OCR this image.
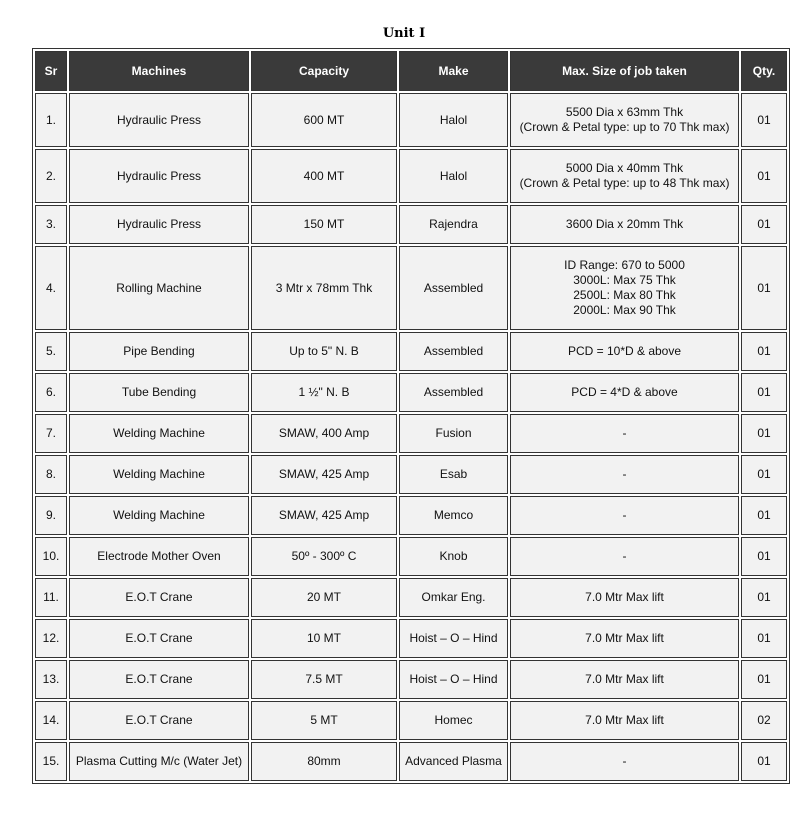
Unit I
Sr	Machines	Capacity	Make	Max. Size of job taken	Qty.
1.	Hydraulic Press	600 MT	Halol	5500 Dia x 63mm Thk
(Crown & Petal type: up to 70 Thk max)	01
2.	Hydraulic Press	400 MT	Halol	5000 Dia x 40mm Thk
(Crown & Petal type: up to 48 Thk max)	01
3.	Hydraulic Press	150 MT	Rajendra	3600 Dia x 20mm Thk	01
4.	Rolling Machine	3 Mtr x 78mm Thk	Assembled	ID Range: 670 to 5000
3000L: Max 75 Thk
2500L: Max 80 Thk
2000L: Max 90 Thk	01
5.	Pipe Bending	Up to 5" N. B	Assembled	PCD = 10*D & above	01
6.	Tube Bending	1 ½" N. B	Assembled	PCD = 4*D & above	01
7.	Welding Machine	SMAW, 400 Amp	Fusion	-	01
8.	Welding Machine	SMAW, 425 Amp	Esab	-	01
9.	Welding Machine	SMAW, 425 Amp	Memco	-	01
10.	Electrode Mother Oven	50º - 300º C	Knob	-	01
11.	E.O.T Crane	20 MT	Omkar Eng.	7.0 Mtr Max lift	01
12.	E.O.T Crane	10 MT	Hoist – O – Hind	7.0 Mtr Max lift	01
13.	E.O.T Crane	7.5 MT	Hoist – O – Hind	7.0 Mtr Max lift	01
14.	E.O.T Crane	5 MT	Homec	7.0 Mtr Max lift	02
15.	Plasma Cutting M/c (Water Jet)	80mm	Advanced Plasma	-	01
